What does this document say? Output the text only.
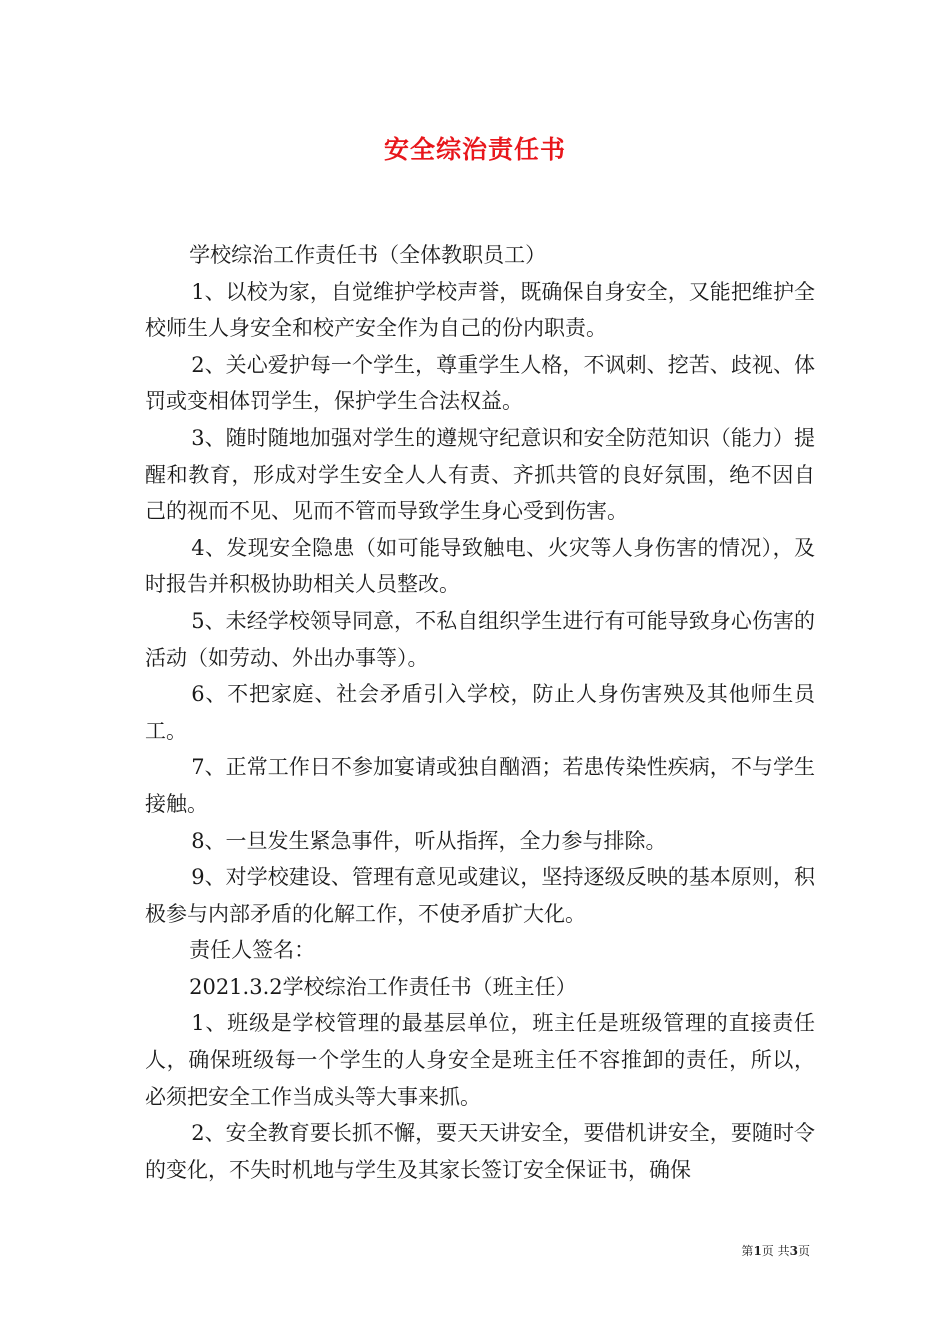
安全综治责任书

学校综治工作责任书（全体教职员工）

1、以校为家，自觉维护学校声誉，既确保自身安全，又能把维护全校师生人身安全和校产安全作为自己的份内职责。

2、关心爱护每一个学生，尊重学生人格，不讽刺、挖苦、歧视、体罚或变相体罚学生，保护学生合法权益。

3、随时随地加强对学生的遵规守纪意识和安全防范知识（能力）提醒和教育，形成对学生安全人人有责、齐抓共管的良好氛围，绝不因自己的视而不见、见而不管而导致学生身心受到伤害。

4、发现安全隐患（如可能导致触电、火灾等人身伤害的情况），及时报告并积极协助相关人员整改。

5、未经学校领导同意，不私自组织学生进行有可能导致身心伤害的活动（如劳动、外出办事等）。

6、不把家庭、社会矛盾引入学校，防止人身伤害殃及其他师生员工。

7、正常工作日不参加宴请或独自酗酒；若患传染性疾病，不与学生接触。

8、一旦发生紧急事件，听从指挥，全力参与排除。

9、对学校建设、管理有意见或建议，坚持逐级反映的基本原则，积极参与内部矛盾的化解工作，不使矛盾扩大化。

责任人签名：

2021.3.2学校综治工作责任书（班主任）

1、班级是学校管理的最基层单位，班主任是班级管理的直接责任人，确保班级每一个学生的人身安全是班主任不容推卸的责任，所以，必须把安全工作当成头等大事来抓。

2、安全教育要长抓不懈，要天天讲安全，要借机讲安全，要随时令的变化，不失时机地与学生及其家长签订安全保证书，确保

第1页 共3页
